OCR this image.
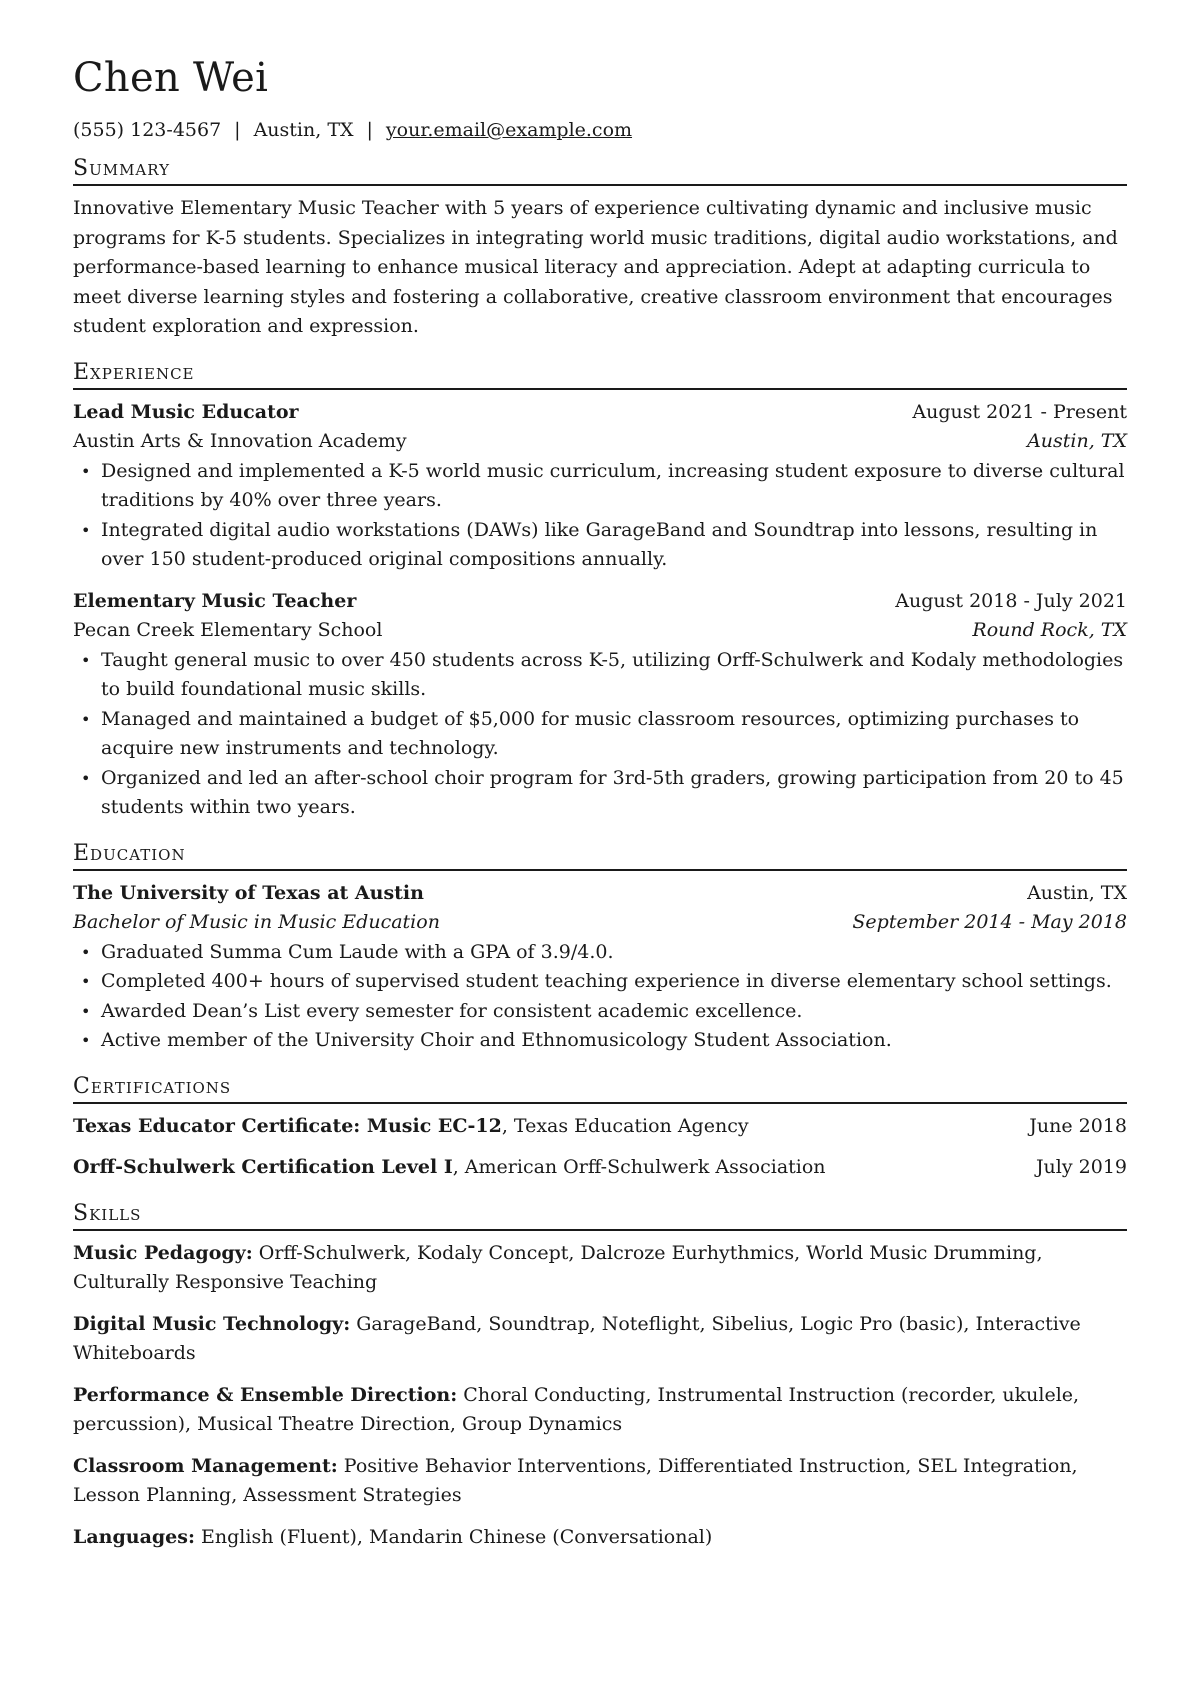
Chen Wei
(555) 123-4567 | Austin, TX | your.email@example.com
Summary

Innovative Elementary Music Teacher with 5 years of experience cultivating dynamic and inclusive music programs for K-5 students. Specializes in integrating world music traditions, digital audio workstations, and performance-based learning to enhance musical literacy and appreciation. Adept at adapting curricula to meet diverse learning styles and fostering a collaborative, creative classroom environment that encourages student exploration and expression.

Experience
Lead Music Educator	August 2021 - Present
Austin Arts & Innovation Academy	Austin, TX
• Designed and implemented a K-5 world music curriculum, increasing student exposure to diverse cultural traditions by 40% over three years.
• Integrated digital audio workstations (DAWs) like GarageBand and Soundtrap into lessons, resulting in over 150 student-produced original compositions annually.
Elementary Music Teacher	August 2018 - July 2021
Pecan Creek Elementary School	Round Rock, TX
• Taught general music to over 450 students across K-5, utilizing Orff-Schulwerk and Kodaly methodologies to build foundational music skills.
• Managed and maintained a budget of $5,000 for music classroom resources, optimizing purchases to acquire new instruments and technology.
• Organized and led an after-school choir program for 3rd-5th graders, growing participation from 20 to 45 students within two years.
Education
The University of Texas at Austin	Austin, TX
Bachelor of Music in Music Education	September 2014 - May 2018
• Graduated Summa Cum Laude with a GPA of 3.9/4.0.
• Completed 400+ hours of supervised student teaching experience in diverse elementary school settings.
• Awarded Dean’s List every semester for consistent academic excellence.
• Active member of the University Choir and Ethnomusicology Student Association.
Certifications
Texas Educator Certificate: Music EC-12, Texas Education Agency	June 2018
Orff-Schulwerk Certification Level I, American Orff-Schulwerk Association	July 2019
Skills
Music Pedagogy: Orff-Schulwerk, Kodaly Concept, Dalcroze Eurhythmics, World Music Drumming, Culturally Responsive Teaching
Digital Music Technology: GarageBand, Soundtrap, Noteflight, Sibelius, Logic Pro (basic), Interactive Whiteboards
Performance & Ensemble Direction: Choral Conducting, Instrumental Instruction (recorder, ukulele, percussion), Musical Theatre Direction, Group Dynamics
Classroom Management: Positive Behavior Interventions, Differentiated Instruction, SEL Integration, Lesson Planning, Assessment Strategies
Languages: English (Fluent), Mandarin Chinese (Conversational)
